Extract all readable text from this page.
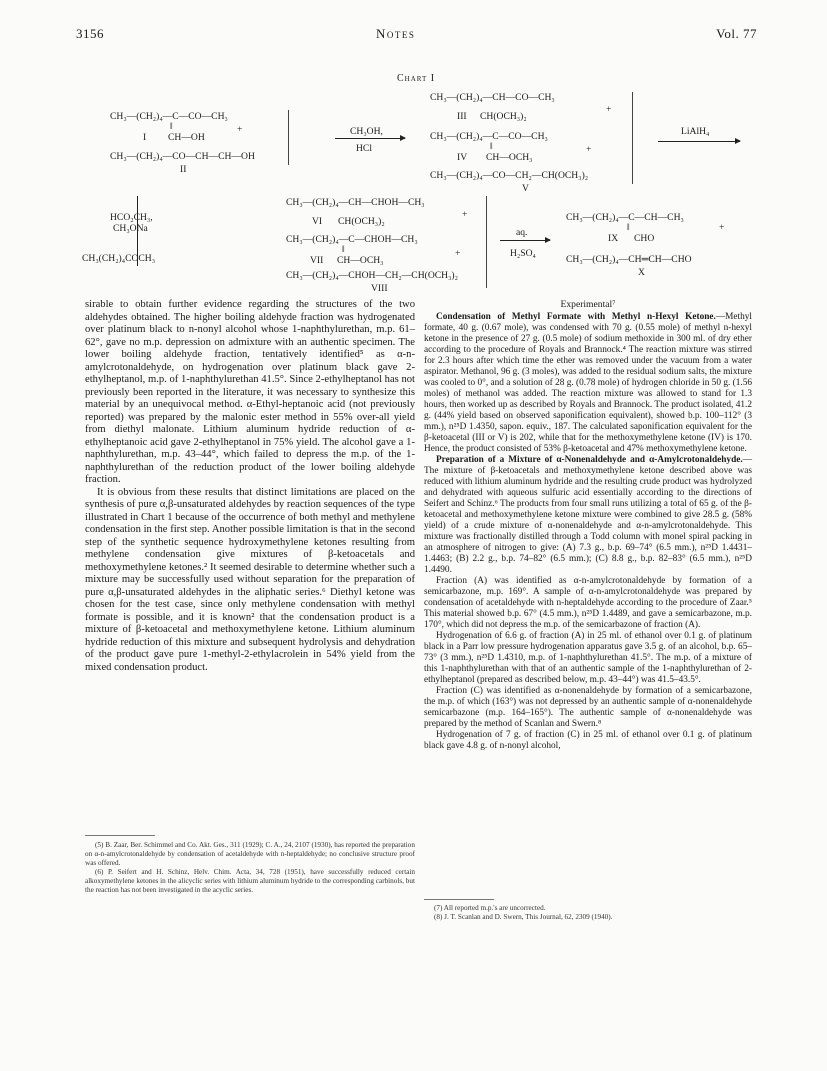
3156	Notes	Vol. 77
Chart I
CH₃—(CH₂)₄—C—CO—CH₃
‖
I CH—OH
+
CH₃—(CH₂)₄—CO—CH—CH—OH
II
CH₃OH,
HCl
CH₃—(CH₂)₄—CH—CO—CH₃
III CH(OCH₃)₂
+
CH₃—(CH₂)₄—C—CO—CH₃
‖	+
IV CH—OCH₃
CH₃—(CH₂)₄—CO—CH₂—CH(OCH₃)₂
V
LiAlH₄
CH₃—(CH₂)₄—CH—CHOH—CH₃
VI CH(OCH₃)₂
+
CH₃—(CH₂)₄—C—CHOH—CH₃
‖	+
VII CH—OCH₃
CH₃—(CH₂)₄—CHOH—CH₂—CH(OCH₃)₂
VIII
aq.
H₂SO₄
CH₃—(CH₂)₄—C—CH—CH₃
‖	+
IX CHO
CH₃—(CH₂)₄—CH═CH—CHO
X
HCO₂CH₃,
CH₃ONa
CH₃(CH₂)₄COCH₃

sirable to obtain further evidence regarding the structures of the two aldehydes obtained. The higher boiling aldehyde fraction was hydrogenated over platinum black to n-nonyl alcohol whose 1-naphthylurethan, m.p. 61–62°, gave no m.p. depression on admixture with an authentic specimen. The lower boiling aldehyde fraction, tentatively identified⁵ as α-n-amylcrotonaldehyde, on hydrogenation over platinum black gave 2-ethylheptanol, m.p. of 1-naphthylurethan 41.5°. Since 2-ethylheptanol has not previously been reported in the literature, it was necessary to synthesize this material by an unequivocal method. α-Ethyl-heptanoic acid (not previously reported) was prepared by the malonic ester method in 55% over-all yield from diethyl malonate. Lithium aluminum hydride reduction of α-ethylheptanoic acid gave 2-ethylheptanol in 75% yield. The alcohol gave a 1-naphthylurethan, m.p. 43–44°, which failed to depress the m.p. of the 1-naphthylurethan of the reduction product of the lower boiling aldehyde fraction.

It is obvious from these results that distinct limitations are placed on the synthesis of pure α,β-unsaturated aldehydes by reaction sequences of the type illustrated in Chart 1 because of the occurrence of both methyl and methylene condensation in the first step. Another possible limitation is that in the second step of the synthetic sequence hydroxymethylene ketones resulting from methylene condensation give mixtures of β-ketoacetals and methoxymethylene ketones.² It seemed desirable to determine whether such a mixture may be successfully used without separation for the preparation of pure α,β-unsaturated aldehydes in the aliphatic series.⁶ Diethyl ketone was chosen for the test case, since only methylene condensation with methyl formate is possible, and it is known² that the condensation product is a mixture of β-ketoacetal and methoxymethylene ketone. Lithium aluminum hydride reduction of this mixture and subsequent hydrolysis and dehydration of the product gave pure 1-methyl-2-ethylacrolein in 54% yield from the mixed condensation product.

(5) B. Zaar, Ber. Schimmel and Co. Akt. Ges., 311 (1929); C. A., 24, 2107 (1930), has reported the preparation on α-n-amylcrotonaldehyde by condensation of acetaldehyde with n-heptaldehyde; no conclusive structure proof was offered.

(6) P. Seifert and H. Schinz, Helv. Chim. Acta, 34, 728 (1951), have successfully reduced certain alkoxymethylene ketones in the alicyclic series with lithium aluminum hydride to the corresponding carbinols, but the reaction has not been investigated in the acyclic series.

Experimental⁷

Condensation of Methyl Formate with Methyl n-Hexyl Ketone.—Methyl formate, 40 g. (0.67 mole), was condensed with 70 g. (0.55 mole) of methyl n-hexyl ketone in the presence of 27 g. (0.5 mole) of sodium methoxide in 300 ml. of dry ether according to the procedure of Royals and Brannock.⁴ The reaction mixture was stirred for 2.3 hours after which time the ether was removed under the vacuum from a water aspirator. Methanol, 96 g. (3 moles), was added to the residual sodium salts, the mixture was cooled to 0°, and a solution of 28 g. (0.78 mole) of hydrogen chloride in 50 g. (1.56 moles) of methanol was added. The reaction mixture was allowed to stand for 1.3 hours, then worked up as described by Royals and Brannock. The product isolated, 41.2 g. (44% yield based on observed saponification equivalent), showed b.p. 100–112° (3 mm.), n²⁵D 1.4350, sapon. equiv., 187. The calculated saponification equivalent for the β-ketoacetal (III or V) is 202, while that for the methoxymethylene ketone (IV) is 170. Hence, the product consisted of 53% β-ketoacetal and 47% methoxymethylene ketone.

Preparation of a Mixture of α-Nonenaldehyde and α-Amylcrotonaldehyde.—The mixture of β-ketoacetals and methoxymethylene ketone described above was reduced with lithium aluminum hydride and the resulting crude product was hydrolyzed and dehydrated with aqueous sulfuric acid essentially according to the directions of Seifert and Schinz.⁶ The products from four small runs utilizing a total of 65 g. of the β-ketoacetal and methoxymethylene ketone mixture were combined to give 28.5 g. (58% yield) of a crude mixture of α-nonenaldehyde and α-n-amylcrotonaldehyde. This mixture was fractionally distilled through a Todd column with monel spiral packing in an atmosphere of nitrogen to give: (A) 7.3 g., b.p. 69–74° (6.5 mm.), n²⁵D 1.4431–1.4463; (B) 2.2 g., b.p. 74–82° (6.5 mm.); (C) 8.8 g., b.p. 82–83° (6.5 mm.), n²⁵D 1.4490.

Fraction (A) was identified as α-n-amylcrotonaldehyde by formation of a semicarbazone, m.p. 169°. A sample of α-n-amylcrotonaldehyde was prepared by condensation of acetaldehyde with n-heptaldehyde according to the procedure of Zaar.⁵ This material showed b.p. 67° (4.5 mm.), n²⁵D 1.4489, and gave a semicarbazone, m.p. 170°, which did not depress the m.p. of the semicarbazone of fraction (A).

Hydrogenation of 6.6 g. of fraction (A) in 25 ml. of ethanol over 0.1 g. of platinum black in a Parr low pressure hydrogenation apparatus gave 3.5 g. of an alcohol, b.p. 65–73° (3 mm.), n²⁵D 1.4310, m.p. of 1-naphthylurethan 41.5°. The m.p. of a mixture of this 1-naphthylurethan with that of an authentic sample of the 1-naphthylurethan of 2-ethylheptanol (prepared as described below, m.p. 43–44°) was 41.5–43.5°.

Fraction (C) was identified as α-nonenaldehyde by formation of a semicarbazone, the m.p. of which (163°) was not depressed by an authentic sample of α-nonenaldehyde semicarbazone (m.p. 164–165°). The authentic sample of α-nonenaldehyde was prepared by the method of Scanlan and Swern.⁸

Hydrogenation of 7 g. of fraction (C) in 25 ml. of ethanol over 0.1 g. of platinum black gave 4.8 g. of n-nonyl alcohol,

(7) All reported m.p.'s are uncorrected.

(8) J. T. Scanlan and D. Swern, This Journal, 62, 2309 (1940).
